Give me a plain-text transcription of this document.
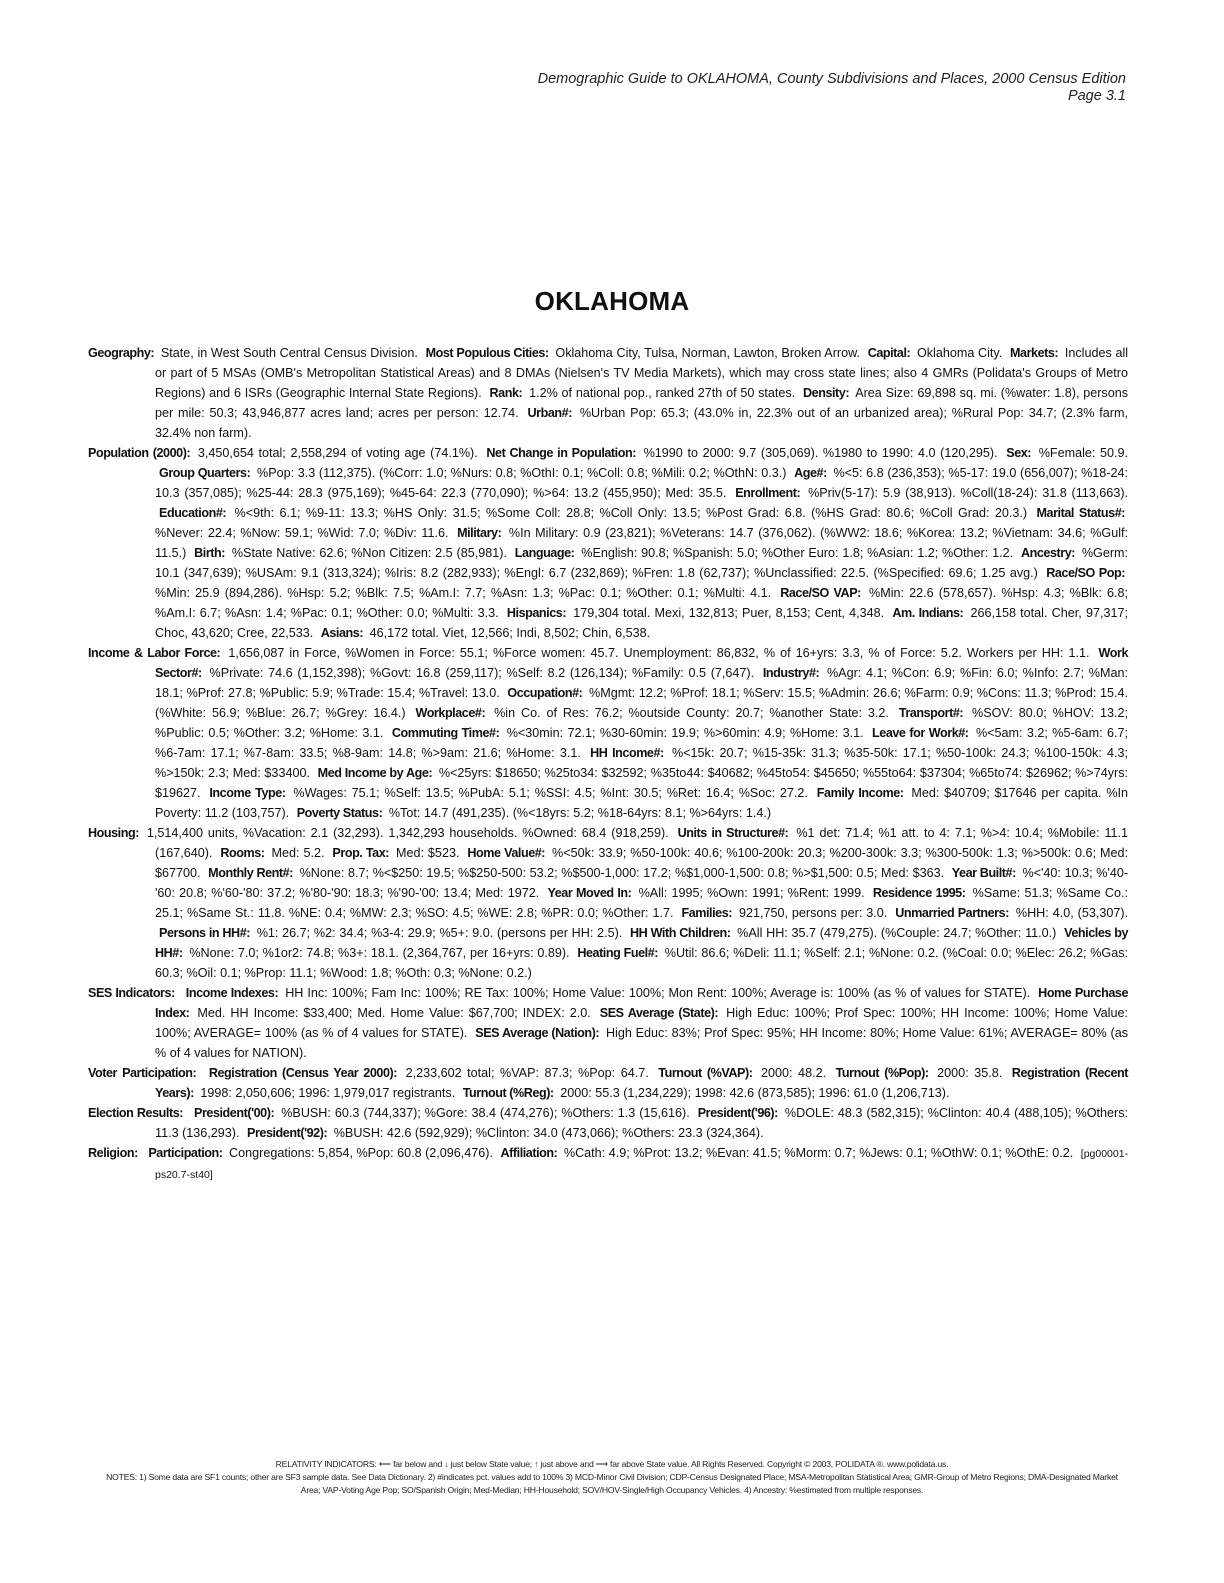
Demographic Guide to OKLAHOMA, County Subdivisions and Places, 2000 Census Edition
Page 3.1
OKLAHOMA

Geography: State, in West South Central Census Division. Most Populous Cities: Oklahoma City, Tulsa, Norman, Lawton, Broken Arrow. Capital: Oklahoma City. Markets: Includes all or part of 5 MSAs (OMB's Metropolitan Statistical Areas) and 8 DMAs (Nielsen's TV Media Markets), which may cross state lines; also 4 GMRs (Polidata's Groups of Metro Regions) and 6 ISRs (Geographic Internal State Regions). Rank: 1.2% of national pop., ranked 27th of 50 states. Density: Area Size: 69,898 sq. mi. (%water: 1.8), persons per mile: 50.3; 43,946,877 acres land; acres per person: 12.74. Urban#: %Urban Pop: 65.3; (43.0% in, 22.3% out of an urbanized area); %Rural Pop: 34.7; (2.3% farm, 32.4% non farm).

Population (2000): 3,450,654 total; 2,558,294 of voting age (74.1%). Net Change in Population: %1990 to 2000: 9.7 (305,069). %1980 to 1990: 4.0 (120,295). Sex: %Female: 50.9. Group Quarters: %Pop: 3.3 (112,375). (%Corr: 1.0; %Nurs: 0.8; %OthI: 0.1; %Coll: 0.8; %Mili: 0.2; %OthN: 0.3.) Age#: %<5: 6.8 (236,353); %5-17: 19.0 (656,007); %18-24: 10.3 (357,085); %25-44: 28.3 (975,169); %45-64: 22.3 (770,090); %>64: 13.2 (455,950); Med: 35.5. Enrollment: %Priv(5-17): 5.9 (38,913). %Coll(18-24): 31.8 (113,663). Education#: %<9th: 6.1; %9-11: 13.3; %HS Only: 31.5; %Some Coll: 28.8; %Coll Only: 13.5; %Post Grad: 6.8. (%HS Grad: 80.6; %Coll Grad: 20.3.) Marital Status#: %Never: 22.4; %Now: 59.1; %Wid: 7.0; %Div: 11.6. Military: %In Military: 0.9 (23,821); %Veterans: 14.7 (376,062). (%WW2: 18.6; %Korea: 13.2; %Vietnam: 34.6; %Gulf: 11.5.) Birth: %State Native: 62.6; %Non Citizen: 2.5 (85,981). Language: %English: 90.8; %Spanish: 5.0; %Other Euro: 1.8; %Asian: 1.2; %Other: 1.2. Ancestry: %Germ: 10.1 (347,639); %USAm: 9.1 (313,324); %Iris: 8.2 (282,933); %Engl: 6.7 (232,869); %Fren: 1.8 (62,737); %Unclassified: 22.5. (%Specified: 69.6; 1.25 avg.) Race/SO Pop: %Min: 25.9 (894,286). %Hsp: 5.2; %Blk: 7.5; %Am.I: 7.7; %Asn: 1.3; %Pac: 0.1; %Other: 0.1; %Multi: 4.1. Race/SO VAP: %Min: 22.6 (578,657). %Hsp: 4.3; %Blk: 6.8; %Am.I: 6.7; %Asn: 1.4; %Pac: 0.1; %Other: 0.0; %Multi: 3.3. Hispanics: 179,304 total. Mexi, 132,813; Puer, 8,153; Cent, 4,348. Am. Indians: 266,158 total. Cher, 97,317; Choc, 43,620; Cree, 22,533. Asians: 46,172 total. Viet, 12,566; Indi, 8,502; Chin, 6,538.

Income & Labor Force: 1,656,087 in Force, %Women in Force: 55.1; %Force women: 45.7. Unemployment: 86,832, % of 16+yrs: 3.3, % of Force: 5.2. Workers per HH: 1.1. Work Sector#: %Private: 74.6 (1,152,398); %Govt: 16.8 (259,117); %Self: 8.2 (126,134); %Family: 0.5 (7,647). Industry#: %Agr: 4.1; %Con: 6.9; %Fin: 6.0; %Info: 2.7; %Man: 18.1; %Prof: 27.8; %Public: 5.9; %Trade: 15.4; %Travel: 13.0. Occupation#: %Mgmt: 12.2; %Prof: 18.1; %Serv: 15.5; %Admin: 26.6; %Farm: 0.9; %Cons: 11.3; %Prod: 15.4. (%White: 56.9; %Blue: 26.7; %Grey: 16.4.) Workplace#: %in Co. of Res: 76.2; %outside County: 20.7; %another State: 3.2. Transport#: %SOV: 80.0; %HOV: 13.2; %Public: 0.5; %Other: 3.2; %Home: 3.1. Commuting Time#: %<30min: 72.1; %30-60min: 19.9; %>60min: 4.9; %Home: 3.1. Leave for Work#: %<5am: 3.2; %5-6am: 6.7; %6-7am: 17.1; %7-8am: 33.5; %8-9am: 14.8; %>9am: 21.6; %Home: 3.1. HH Income#: %<15k: 20.7; %15-35k: 31.3; %35-50k: 17.1; %50-100k: 24.3; %100-150k: 4.3; %>150k: 2.3; Med: $33400. Med Income by Age: %<25yrs: $18650; %25to34: $32592; %35to44: $40682; %45to54: $45650; %55to64: $37304; %65to74: $26962; %>74yrs: $19627. Income Type: %Wages: 75.1; %Self: 13.5; %PubA: 5.1; %SSI: 4.5; %Int: 30.5; %Ret: 16.4; %Soc: 27.2. Family Income: Med: $40709; $17646 per capita. %In Poverty: 11.2 (103,757). Poverty Status: %Tot: 14.7 (491,235). (%<18yrs: 5.2; %18-64yrs: 8.1; %>64yrs: 1.4.)

Housing: 1,514,400 units, %Vacation: 2.1 (32,293). 1,342,293 households. %Owned: 68.4 (918,259). Units in Structure#: %1 det: 71.4; %1 att. to 4: 7.1; %>4: 10.4; %Mobile: 11.1 (167,640). Rooms: Med: 5.2. Prop. Tax: Med: $523. Home Value#: %<50k: 33.9; %50-100k: 40.6; %100-200k: 20.3; %200-300k: 3.3; %300-500k: 1.3; %>500k: 0.6; Med: $67700. Monthly Rent#: %None: 8.7; %<$250: 19.5; %$250-500: 53.2; %$500-1,000: 17.2; %$1,000-1,500: 0.8; %>$1,500: 0.5; Med: $363. Year Built#: %<'40: 10.3; %'40-'60: 20.8; %'60-'80: 37.2; %'80-'90: 18.3; %'90-'00: 13.4; Med: 1972. Year Moved In: %All: 1995; %Own: 1991; %Rent: 1999. Residence 1995: %Same: 51.3; %Same Co.: 25.1; %Same St.: 11.8. %NE: 0.4; %MW: 2.3; %SO: 4.5; %WE: 2.8; %PR: 0.0; %Other: 1.7. Families: 921,750, persons per: 3.0. Unmarried Partners: %HH: 4.0, (53,307). Persons in HH#: %1: 26.7; %2: 34.4; %3-4: 29.9; %5+: 9.0. (persons per HH: 2.5). HH With Children: %All HH: 35.7 (479,275). (%Couple: 24.7; %Other: 11.0.) Vehicles by HH#: %None: 7.0; %1or2: 74.8; %3+: 18.1. (2,364,767, per 16+yrs: 0.89). Heating Fuel#: %Util: 86.6; %Deli: 11.1; %Self: 2.1; %None: 0.2. (%Coal: 0.0; %Elec: 26.2; %Gas: 60.3; %Oil: 0.1; %Prop: 11.1; %Wood: 1.8; %Oth: 0.3; %None: 0.2.)

SES Indicators: Income Indexes: HH Inc: 100%; Fam Inc: 100%; RE Tax: 100%; Home Value: 100%; Mon Rent: 100%; Average is: 100% (as % of values for STATE). Home Purchase Index: Med. HH Income: $33,400; Med. Home Value: $67,700; INDEX: 2.0. SES Average (State): High Educ: 100%; Prof Spec: 100%; HH Income: 100%; Home Value: 100%; AVERAGE= 100% (as % of 4 values for STATE). SES Average (Nation): High Educ: 83%; Prof Spec: 95%; HH Income: 80%; Home Value: 61%; AVERAGE= 80% (as % of 4 values for NATION).

Voter Participation: Registration (Census Year 2000): 2,233,602 total; %VAP: 87.3; %Pop: 64.7. Turnout (%VAP): 2000: 48.2. Turnout (%Pop): 2000: 35.8. Registration (Recent Years): 1998: 2,050,606; 1996: 1,979,017 registrants. Turnout (%Reg): 2000: 55.3 (1,234,229); 1998: 42.6 (873,585); 1996: 61.0 (1,206,713).

Election Results: President('00): %BUSH: 60.3 (744,337); %Gore: 38.4 (474,276); %Others: 1.3 (15,616). President('96): %DOLE: 48.3 (582,315); %Clinton: 40.4 (488,105); %Others: 11.3 (136,293). President('92): %BUSH: 42.6 (592,929); %Clinton: 34.0 (473,066); %Others: 23.3 (324,364).

Religion: Participation: Congregations: 5,854, %Pop: 60.8 (2,096,476). Affiliation: %Cath: 4.9; %Prot: 13.2; %Evan: 41.5; %Morm: 0.7; %Jews: 0.1; %OthW: 0.1; %OthE: 0.2. [pg00001-ps20.7-st40]

RELATIVITY INDICATORS: ⟵ far below and ↓ just below State value; ↑ just above and ⟶ far above State value. All Rights Reserved. Copyright © 2003, POLIDATA ®. www.polidata.us.
NOTES: 1) Some data are SF1 counts; other are SF3 sample data. See Data Dictionary. 2) #indicates pct. values add to 100% 3) MCD-Minor Civil Division; CDP-Census Designated Place; MSA-Metropolitan Statistical Area; GMR-Group of Metro Regions; DMA-Designated Market Area; VAP-Voting Age Pop; SO/Spanish Origin; Med-Median; HH-Household; SOV/HOV-Single/High Occupancy Vehicles. 4) Ancestry: %estimated from multiple responses.
